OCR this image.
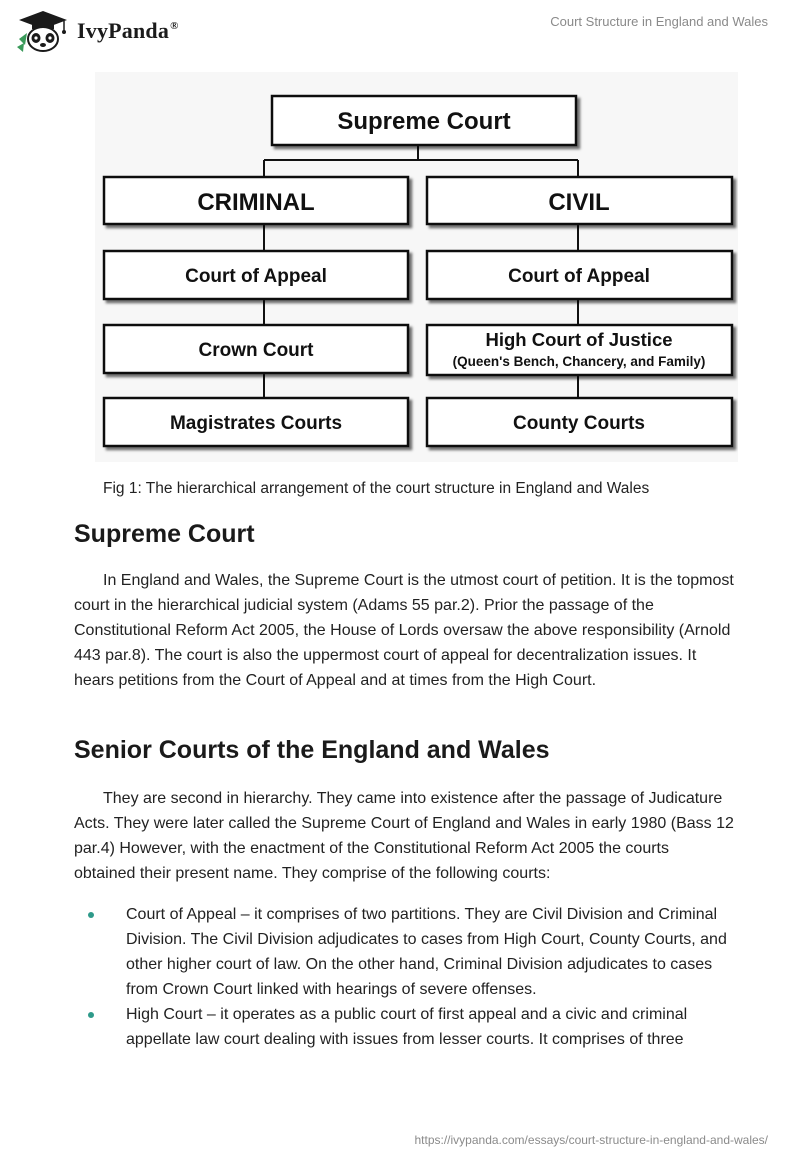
IvyPanda®	Court Structure in England and Wales
Supreme Court
CRIMINAL	CIVIL
Court of Appeal
Crown Court
Magistrates Courts
Court of Appeal
High Court of Justice
(Queen's Bench, Chancery, and Family)
County Courts
Fig 1: The hierarchical arrangement of the court structure in England and Wales
Supreme Court

In England and Wales, the Supreme Court is the utmost court of petition. It is the topmost court in the hierarchical judicial system (Adams 55 par.2). Prior the passage of the Constitutional Reform Act 2005, the House of Lords oversaw the above responsibility (Arnold 443 par.8). The court is also the uppermost court of appeal for decentralization issues. It hears petitions from the Court of Appeal and at times from the High Court.

Senior Courts of the England and Wales

They are second in hierarchy. They came into existence after the passage of Judicature Acts. They were later called the Supreme Court of England and Wales in early 1980 (Bass 12 par.4) However, with the enactment of the Constitutional Reform Act 2005 the courts obtained their present name. They comprise of the following courts:

Court of Appeal – it comprises of two partitions. They are Civil Division and Criminal Division. The Civil Division adjudicates to cases from High Court, County Courts, and other higher court of law. On the other hand, Criminal Division adjudicates to cases from Crown Court linked with hearings of severe offenses.
High Court – it operates as a public court of first appeal and a civic and criminal appellate law court dealing with issues from lesser courts. It comprises of three
https://ivypanda.com/essays/court-structure-in-england-and-wales/
